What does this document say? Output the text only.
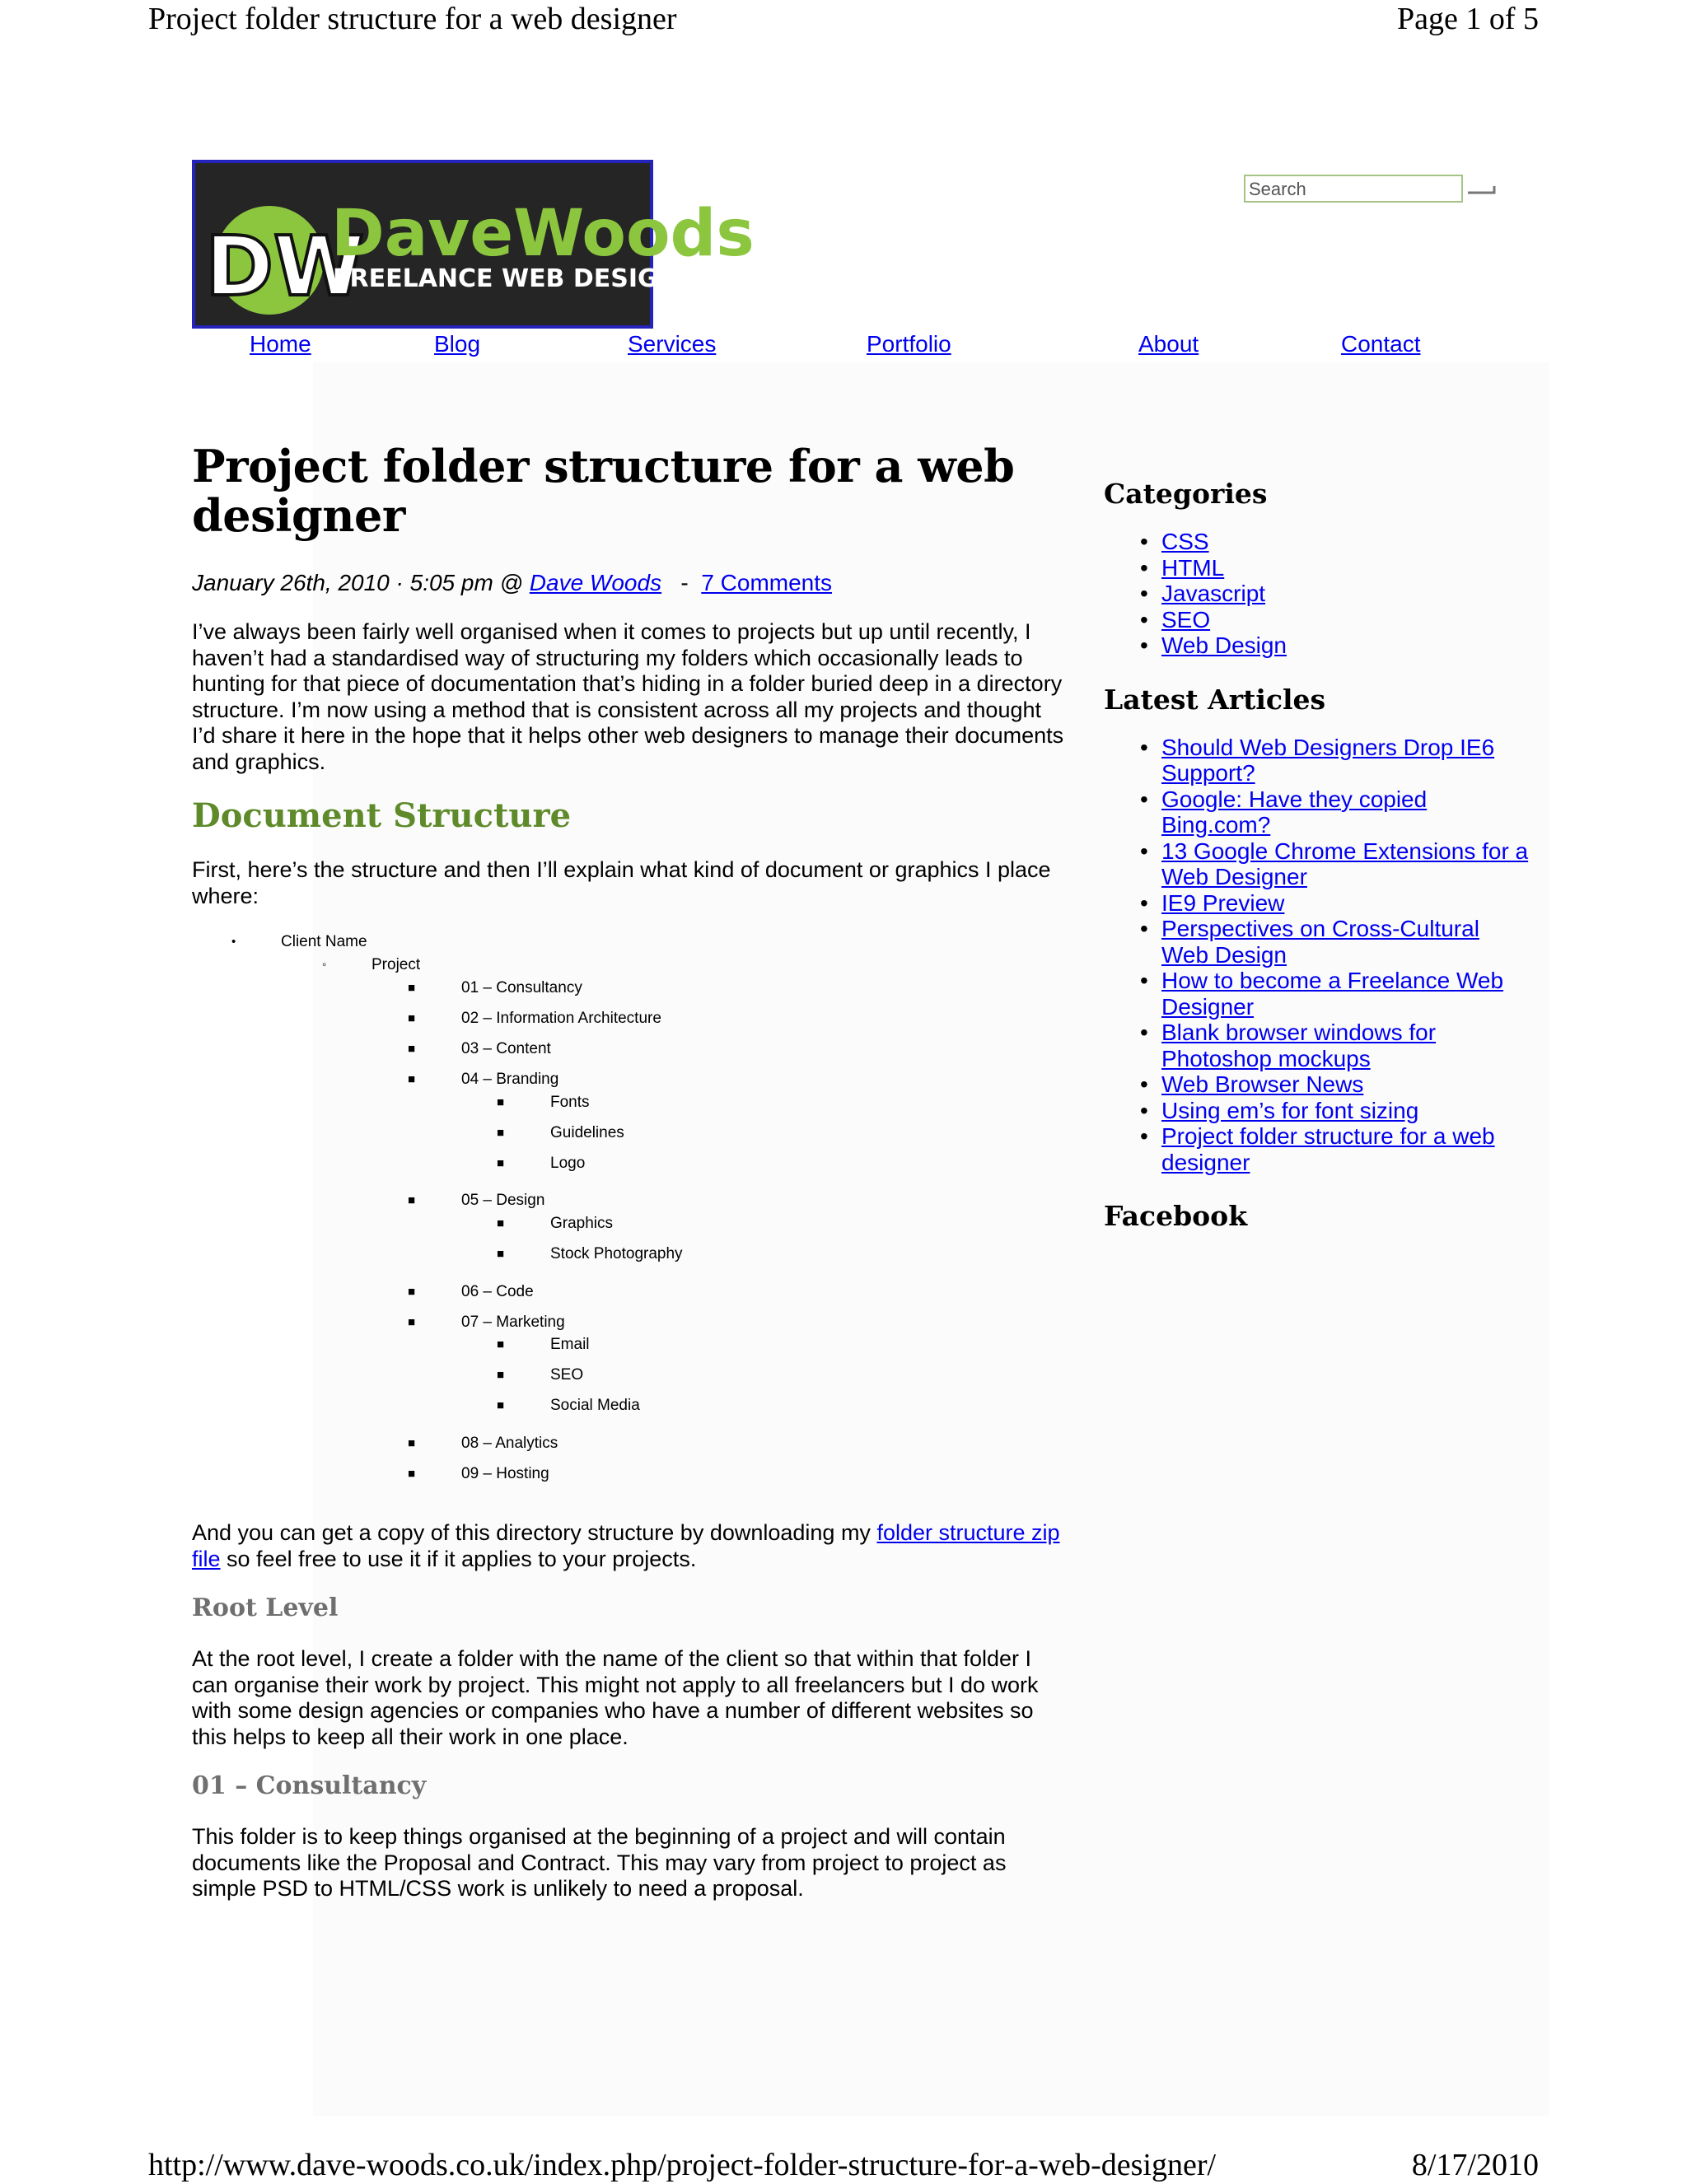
Project folder structure for a web designer	Page 1 of 5
DW
DaveWoods
FREELANCE WEB DESIGN
Search
Home	Blog	Services	Portfolio	About	Contact
Project folder structure for a web designer
January 26th, 2010 · 5:05 pm @ Dave Woods - 7 Comments

I’ve always been fairly well organised when it comes to projects but up until recently, I haven’t had a standardised way of structuring my folders which occasionally leads to hunting for that piece of documentation that’s hiding in a folder buried deep in a directory structure. I’m now using a method that is consistent across all my projects and thought I’d share it here in the hope that it helps other web designers to manage their documents and graphics.

Document Structure

First, here’s the structure and then I’ll explain what kind of document or graphics I place where:

•	Client Name
◦	Project
■	01 – Consultancy
■	02 – Information Architecture
■	03 – Content
■	04 – Branding
■	Fonts
■	Guidelines
■	Logo
■	05 – Design
■	Graphics
■	Stock Photography
■	06 – Code
■	07 – Marketing
■	Email
■	SEO
■	Social Media
■	08 – Analytics
■	09 – Hosting

And you can get a copy of this directory structure by downloading my folder structure zip file so feel free to use it if it applies to your projects.

Root Level

At the root level, I create a folder with the name of the client so that within that folder I can organise their work by project. This might not apply to all freelancers but I do work with some design agencies or companies who have a number of different websites so this helps to keep all their work in one place.

01 – Consultancy

This folder is to keep things organised at the beginning of a project and will contain documents like the Proposal and Contract. This may vary from project to project as simple PSD to HTML/CSS work is unlikely to need a proposal.

Categories
• CSS
• HTML
• Javascript
• SEO
• Web Design
Latest Articles
• Should Web Designers Drop IE6 Support?
• Google: Have they copied Bing.com?
• 13 Google Chrome Extensions for a Web Designer
• IE9 Preview
• Perspectives on Cross-Cultural Web Design
• How to become a Freelance Web Designer
• Blank browser windows for Photoshop mockups
• Web Browser News
• Using em’s for font sizing
• Project folder structure for a web designer
Facebook
http://www.dave-woods.co.uk/index.php/project-folder-structure-for-a-web-designer/	8/17/2010
